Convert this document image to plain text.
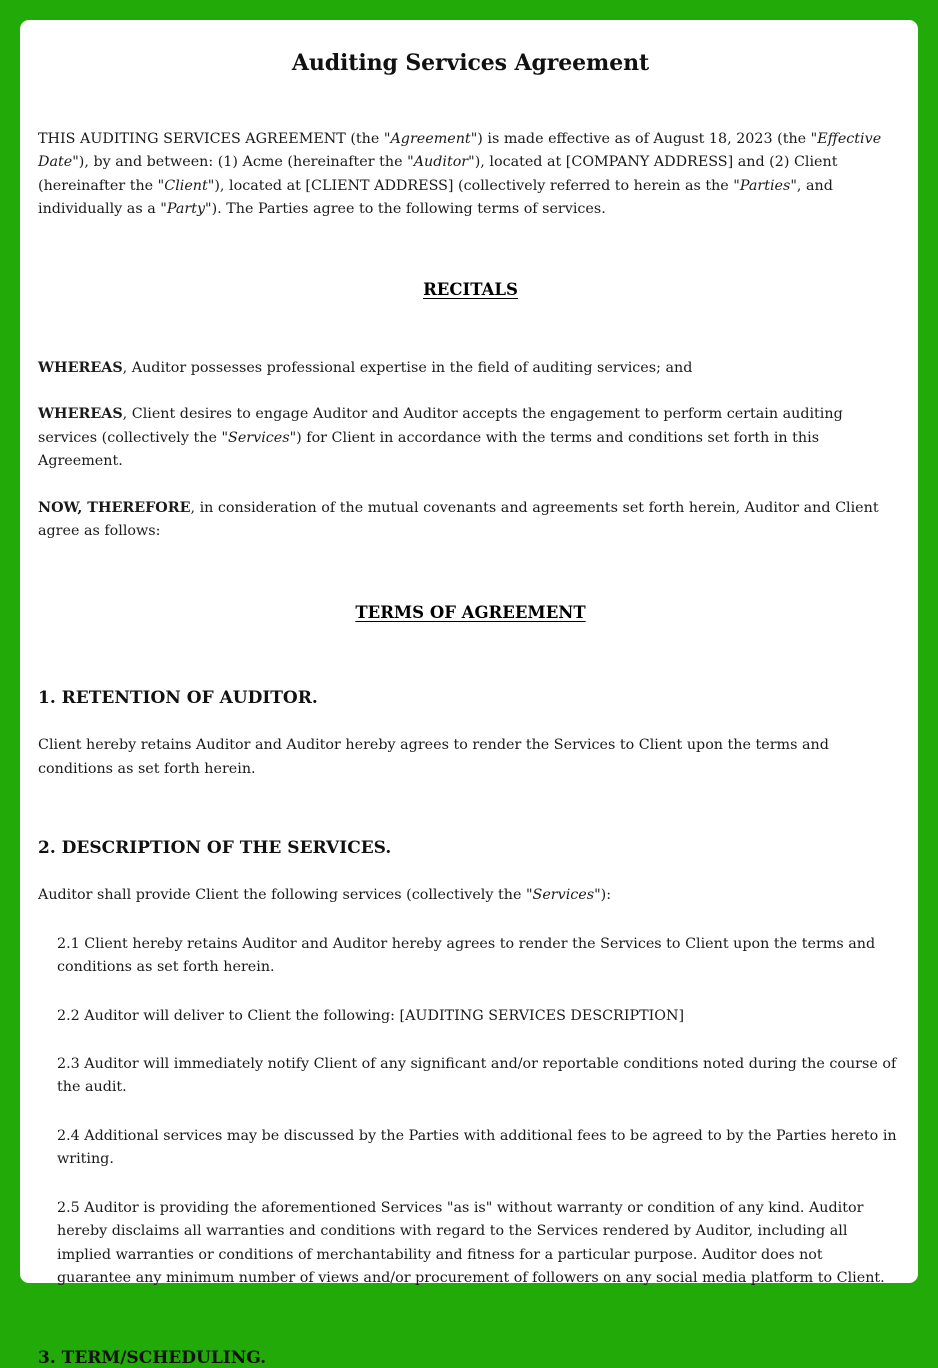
Auditing Services Agreement

THIS AUDITING SERVICES AGREEMENT (the "Agreement") is made effective as of August 18, 2023 (the "Effective Date"), by and between: (1) Acme (hereinafter the "Auditor"), located at [COMPANY ADDRESS] and (2) Client (hereinafter the "Client"), located at [CLIENT ADDRESS] (collectively referred to herein as the "Parties", and individually as a "Party"). The Parties agree to the following terms of services.

RECITALS

WHEREAS, Auditor possesses professional expertise in the field of auditing services; and

WHEREAS, Client desires to engage Auditor and Auditor accepts the engagement to perform certain auditing services (collectively the "Services") for Client in accordance with the terms and conditions set forth in this Agreement.

NOW, THEREFORE, in consideration of the mutual covenants and agreements set forth herein, Auditor and Client agree as follows:

TERMS OF AGREEMENT
1. RETENTION OF AUDITOR.

Client hereby retains Auditor and Auditor hereby agrees to render the Services to Client upon the terms and conditions as set forth herein.

2. DESCRIPTION OF THE SERVICES.

Auditor shall provide Client the following services (collectively the "Services"):

2.1 Client hereby retains Auditor and Auditor hereby agrees to render the Services to Client upon the terms and conditions as set forth herein.

2.2 Auditor will deliver to Client the following: [AUDITING SERVICES DESCRIPTION]

2.3 Auditor will immediately notify Client of any significant and/or reportable conditions noted during the course of the audit.

2.4 Additional services may be discussed by the Parties with additional fees to be agreed to by the Parties hereto in writing.

2.5 Auditor is providing the aforementioned Services "as is" without warranty or condition of any kind. Auditor hereby disclaims all warranties and conditions with regard to the Services rendered by Auditor, including all implied warranties or conditions of merchantability and fitness for a particular purpose. Auditor does not guarantee any minimum number of views and/or procurement of followers on any social media platform to Client.

3. TERM/SCHEDULING.
